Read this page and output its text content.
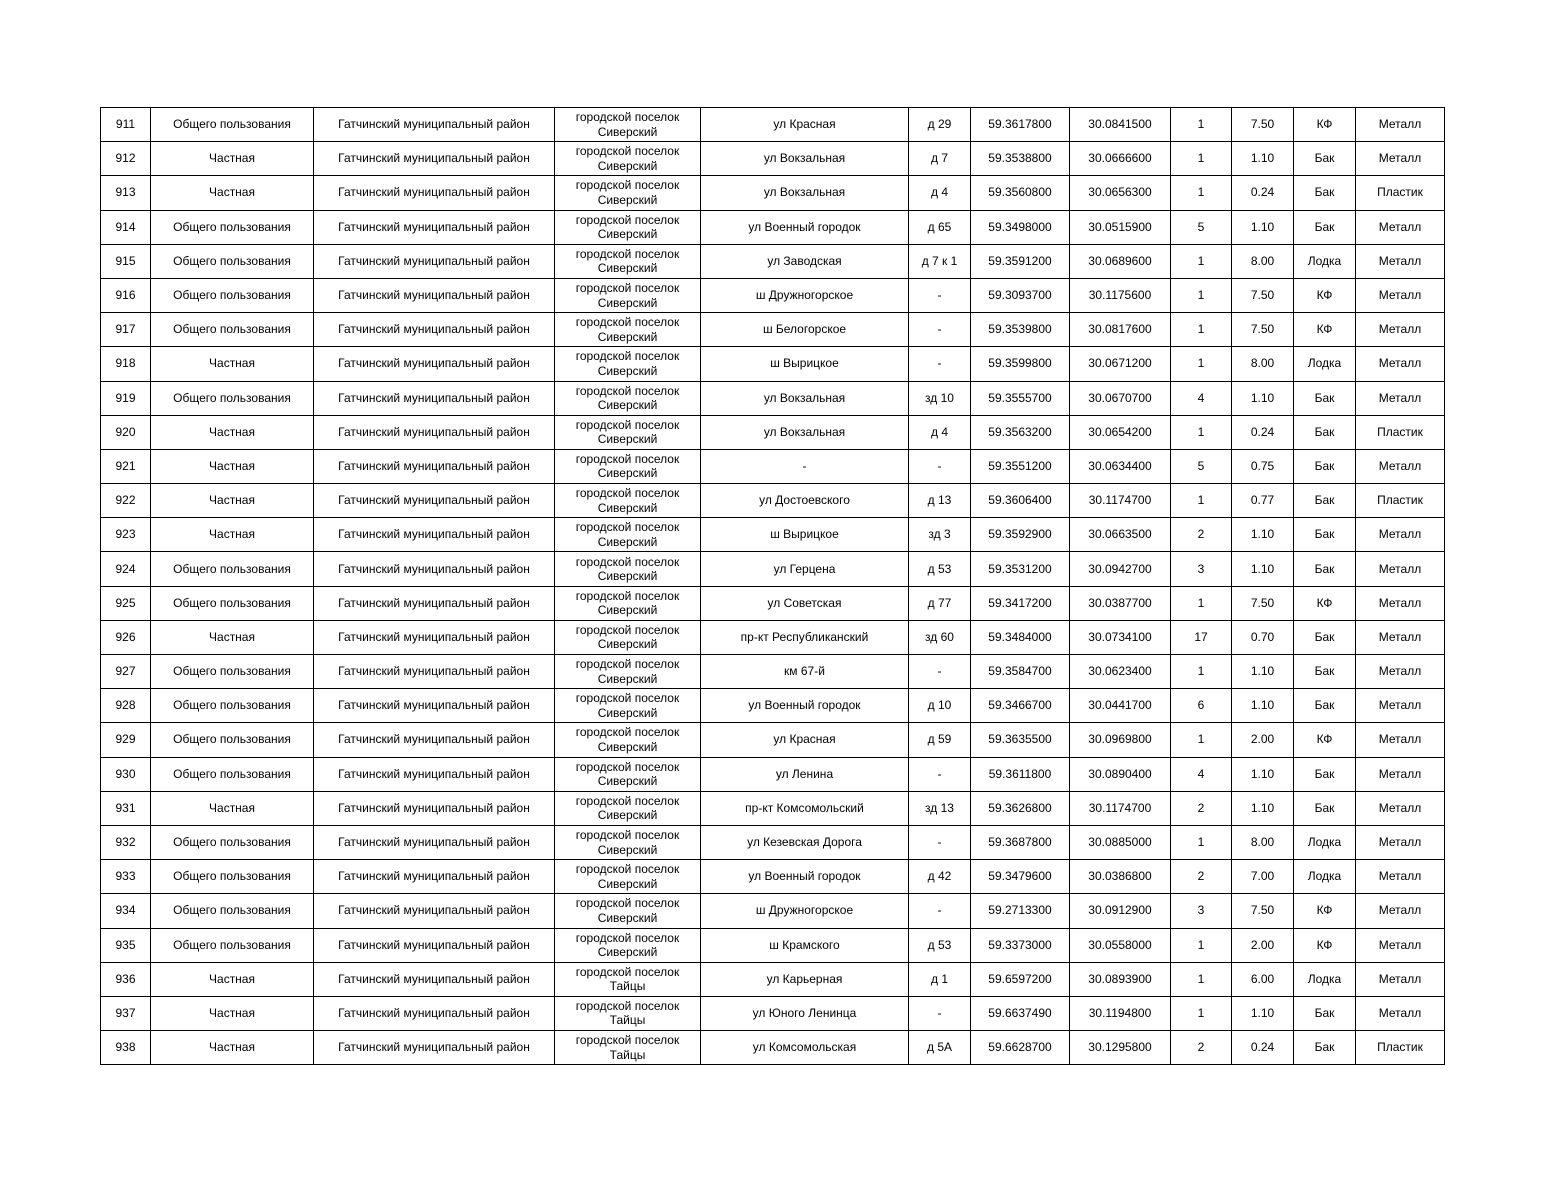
911	Общего пользования	Гатчинский муниципальный район	городской поселок Сиверский	ул Красная	д 29	59.3617800	30.0841500	1	7.50	КФ	Металл
912	Частная	Гатчинский муниципальный район	городской поселок Сиверский	ул Вокзальная	д 7	59.3538800	30.0666600	1	1.10	Бак	Металл
913	Частная	Гатчинский муниципальный район	городской поселок Сиверский	ул Вокзальная	д 4	59.3560800	30.0656300	1	0.24	Бак	Пластик
914	Общего пользования	Гатчинский муниципальный район	городской поселок Сиверский	ул Военный городок	д 65	59.3498000	30.0515900	5	1.10	Бак	Металл
915	Общего пользования	Гатчинский муниципальный район	городской поселок Сиверский	ул Заводская	д 7 к 1	59.3591200	30.0689600	1	8.00	Лодка	Металл
916	Общего пользования	Гатчинский муниципальный район	городской поселок Сиверский	ш Дружногорское	-	59.3093700	30.1175600	1	7.50	КФ	Металл
917	Общего пользования	Гатчинский муниципальный район	городской поселок Сиверский	ш Белогорское	-	59.3539800	30.0817600	1	7.50	КФ	Металл
918	Частная	Гатчинский муниципальный район	городской поселок Сиверский	ш Вырицкое	-	59.3599800	30.0671200	1	8.00	Лодка	Металл
919	Общего пользования	Гатчинский муниципальный район	городской поселок Сиверский	ул Вокзальная	зд 10	59.3555700	30.0670700	4	1.10	Бак	Металл
920	Частная	Гатчинский муниципальный район	городской поселок Сиверский	ул Вокзальная	д 4	59.3563200	30.0654200	1	0.24	Бак	Пластик
921	Частная	Гатчинский муниципальный район	городской поселок Сиверский	-	-	59.3551200	30.0634400	5	0.75	Бак	Металл
922	Частная	Гатчинский муниципальный район	городской поселок Сиверский	ул Достоевского	д 13	59.3606400	30.1174700	1	0.77	Бак	Пластик
923	Частная	Гатчинский муниципальный район	городской поселок Сиверский	ш Вырицкое	зд 3	59.3592900	30.0663500	2	1.10	Бак	Металл
924	Общего пользования	Гатчинский муниципальный район	городской поселок Сиверский	ул Герцена	д 53	59.3531200	30.0942700	3	1.10	Бак	Металл
925	Общего пользования	Гатчинский муниципальный район	городской поселок Сиверский	ул Советская	д 77	59.3417200	30.0387700	1	7.50	КФ	Металл
926	Частная	Гатчинский муниципальный район	городской поселок Сиверский	пр-кт Республиканский	зд 60	59.3484000	30.0734100	17	0.70	Бак	Металл
927	Общего пользования	Гатчинский муниципальный район	городской поселок Сиверский	км 67-й	-	59.3584700	30.0623400	1	1.10	Бак	Металл
928	Общего пользования	Гатчинский муниципальный район	городской поселок Сиверский	ул Военный городок	д 10	59.3466700	30.0441700	6	1.10	Бак	Металл
929	Общего пользования	Гатчинский муниципальный район	городской поселок Сиверский	ул Красная	д 59	59.3635500	30.0969800	1	2.00	КФ	Металл
930	Общего пользования	Гатчинский муниципальный район	городской поселок Сиверский	ул Ленина	-	59.3611800	30.0890400	4	1.10	Бак	Металл
931	Частная	Гатчинский муниципальный район	городской поселок Сиверский	пр-кт Комсомольский	зд 13	59.3626800	30.1174700	2	1.10	Бак	Металл
932	Общего пользования	Гатчинский муниципальный район	городской поселок Сиверский	ул Кезевская Дорога	-	59.3687800	30.0885000	1	8.00	Лодка	Металл
933	Общего пользования	Гатчинский муниципальный район	городской поселок Сиверский	ул Военный городок	д 42	59.3479600	30.0386800	2	7.00	Лодка	Металл
934	Общего пользования	Гатчинский муниципальный район	городской поселок Сиверский	ш Дружногорское	-	59.2713300	30.0912900	3	7.50	КФ	Металл
935	Общего пользования	Гатчинский муниципальный район	городской поселок Сиверский	ш Крамского	д 53	59.3373000	30.0558000	1	2.00	КФ	Металл
936	Частная	Гатчинский муниципальный район	городской поселок Тайцы	ул Карьерная	д 1	59.6597200	30.0893900	1	6.00	Лодка	Металл
937	Частная	Гатчинский муниципальный район	городской поселок Тайцы	ул Юного Ленинца	-	59.6637490	30.1194800	1	1.10	Бак	Металл
938	Частная	Гатчинский муниципальный район	городской поселок Тайцы	ул Комсомольская	д 5А	59.6628700	30.1295800	2	0.24	Бак	Пластик
